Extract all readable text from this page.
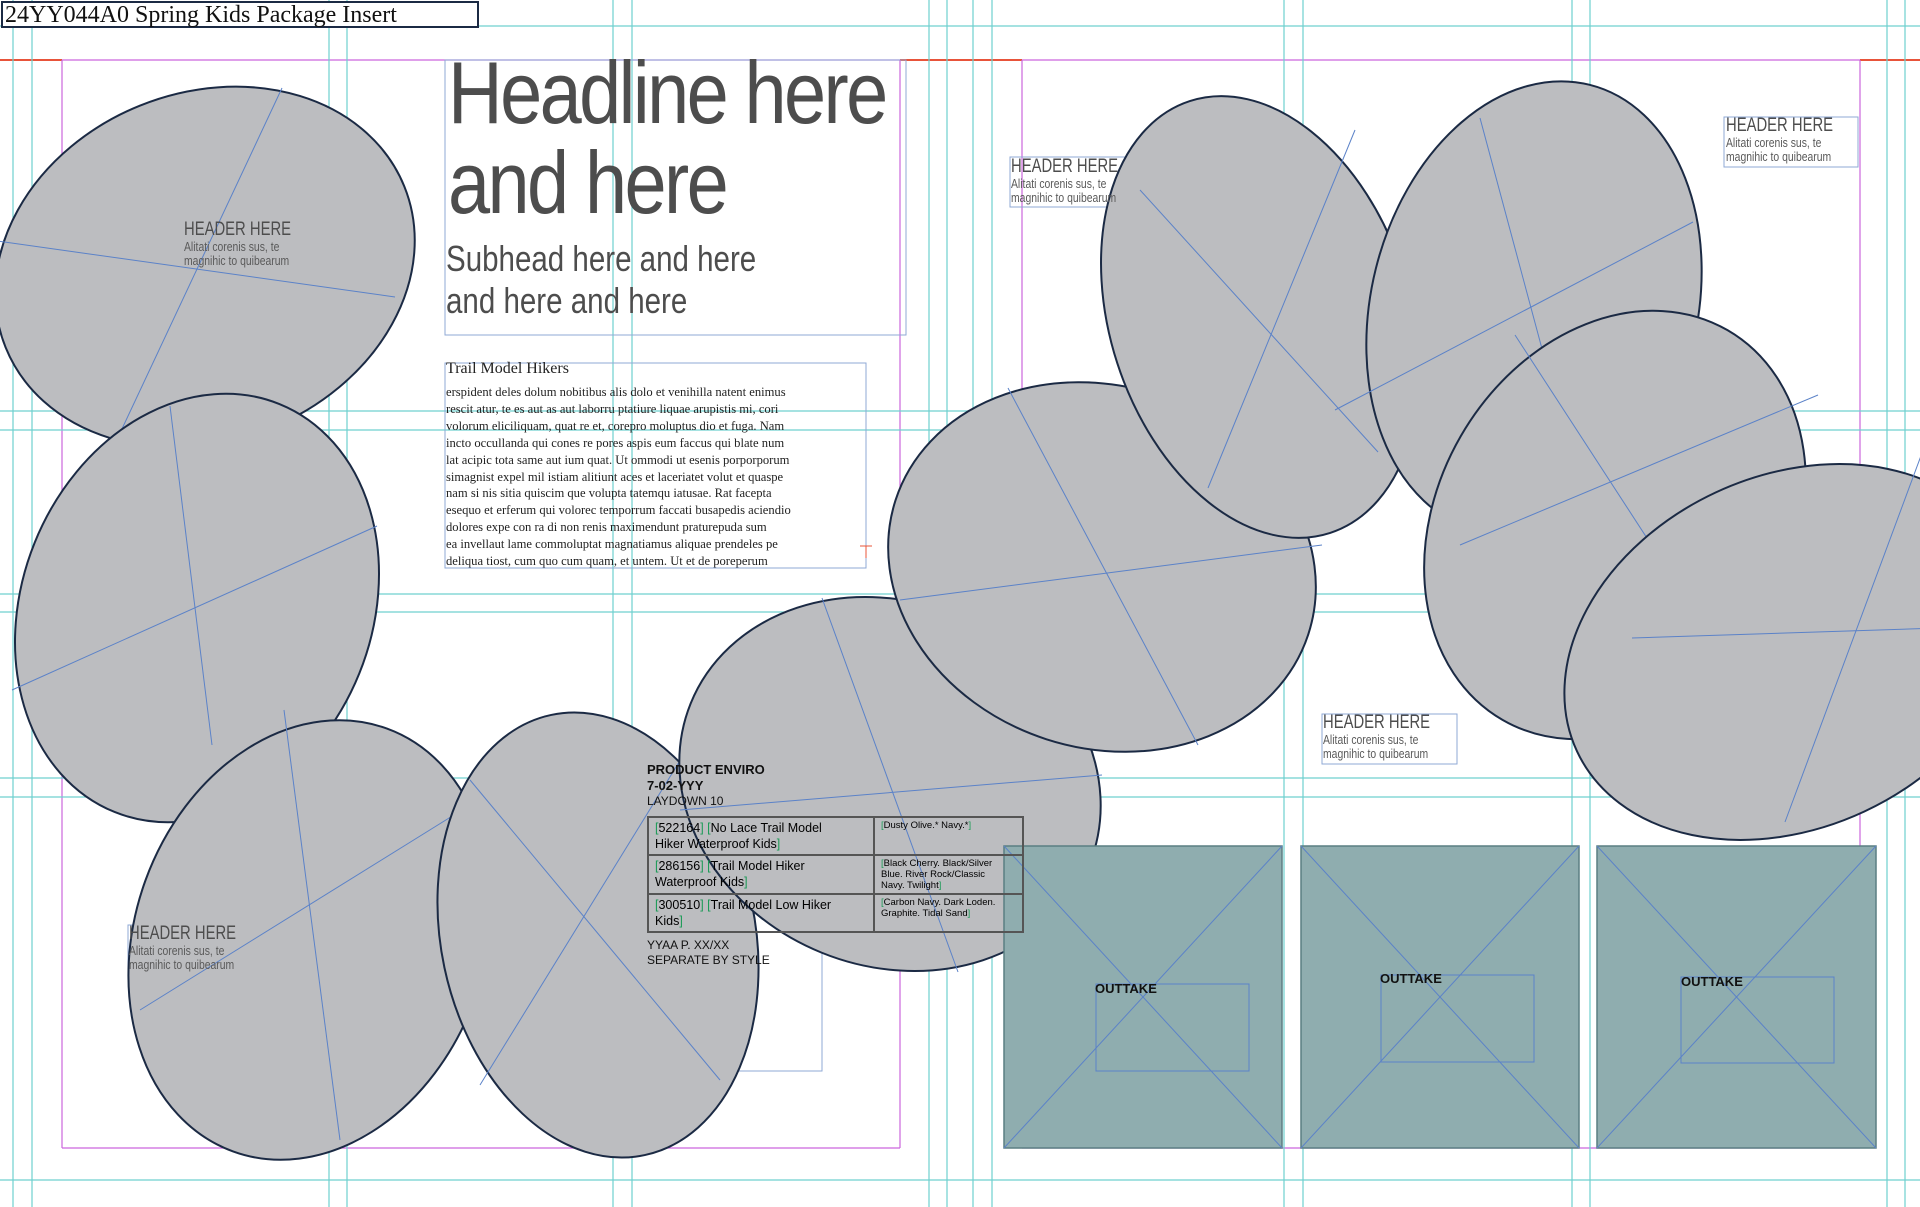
24YY044A0 Spring Kids Package Insert
Headline here
and here
Subhead here and here
and here and here
Trail Model Hikers
erspident deles dolum nobitibus alis dolo et venihilla natent enimus
rescit atur, te es aut as aut laborru ptatiure liquae arupistis mi, cori
volorum eliciliquam, quat re et, corepro moluptus dio et fuga. Nam
incto occullanda qui cones re pores aspis eum faccus qui blate num
lat acipic tota same aut ium quat. Ut ommodi ut esenis porporporum
simagnist expel mil istiam alitiunt aces et laceriatet volut et quaspe
nam si nis sitia quiscim que volupta tatemqu iatusae. Rat facepta
esequo et erferum qui volorec temporrum faccati busapedis aciendio
dolores expe con ra di non renis maximendunt praturepuda sum
ea invellaut lame commoluptat magnatiamus aliquae prendeles pe
deliqua tiost, cum quo cum quam, et untem. Ut et de poreperum
HEADER HERE
Alitati corenis sus, te
magnihic to quibearum
HEADER HERE
Alitati corenis sus, te
magnihic to quibearum
HEADER HERE
Alitati corenis sus, te
magnihic to quibearum
HEADER HERE
Alitati corenis sus, te
magnihic to quibearum
HEADER HERE
Alitati corenis sus, te
magnihic to quibearum
PRODUCT ENVIRO
7-02-YYY
LAYDOWN 10
[522164] [No Lace Trail Model
Hiker Waterproof Kids]	[Dusty Olive.* Navy.*]
[286156] [Trail Model Hiker
Waterproof Kids]	[Black Cherry. Black/Silver
Blue. River Rock/Classic
Navy. Twilight]
[300510] [Trail Model Low Hiker
Kids]	[Carbon Navy. Dark Loden.
Graphite. Tidal Sand]
YYAA P. XX/XX
SEPARATE BY STYLE
OUTTAKE
OUTTAKE	OUTTAKE
